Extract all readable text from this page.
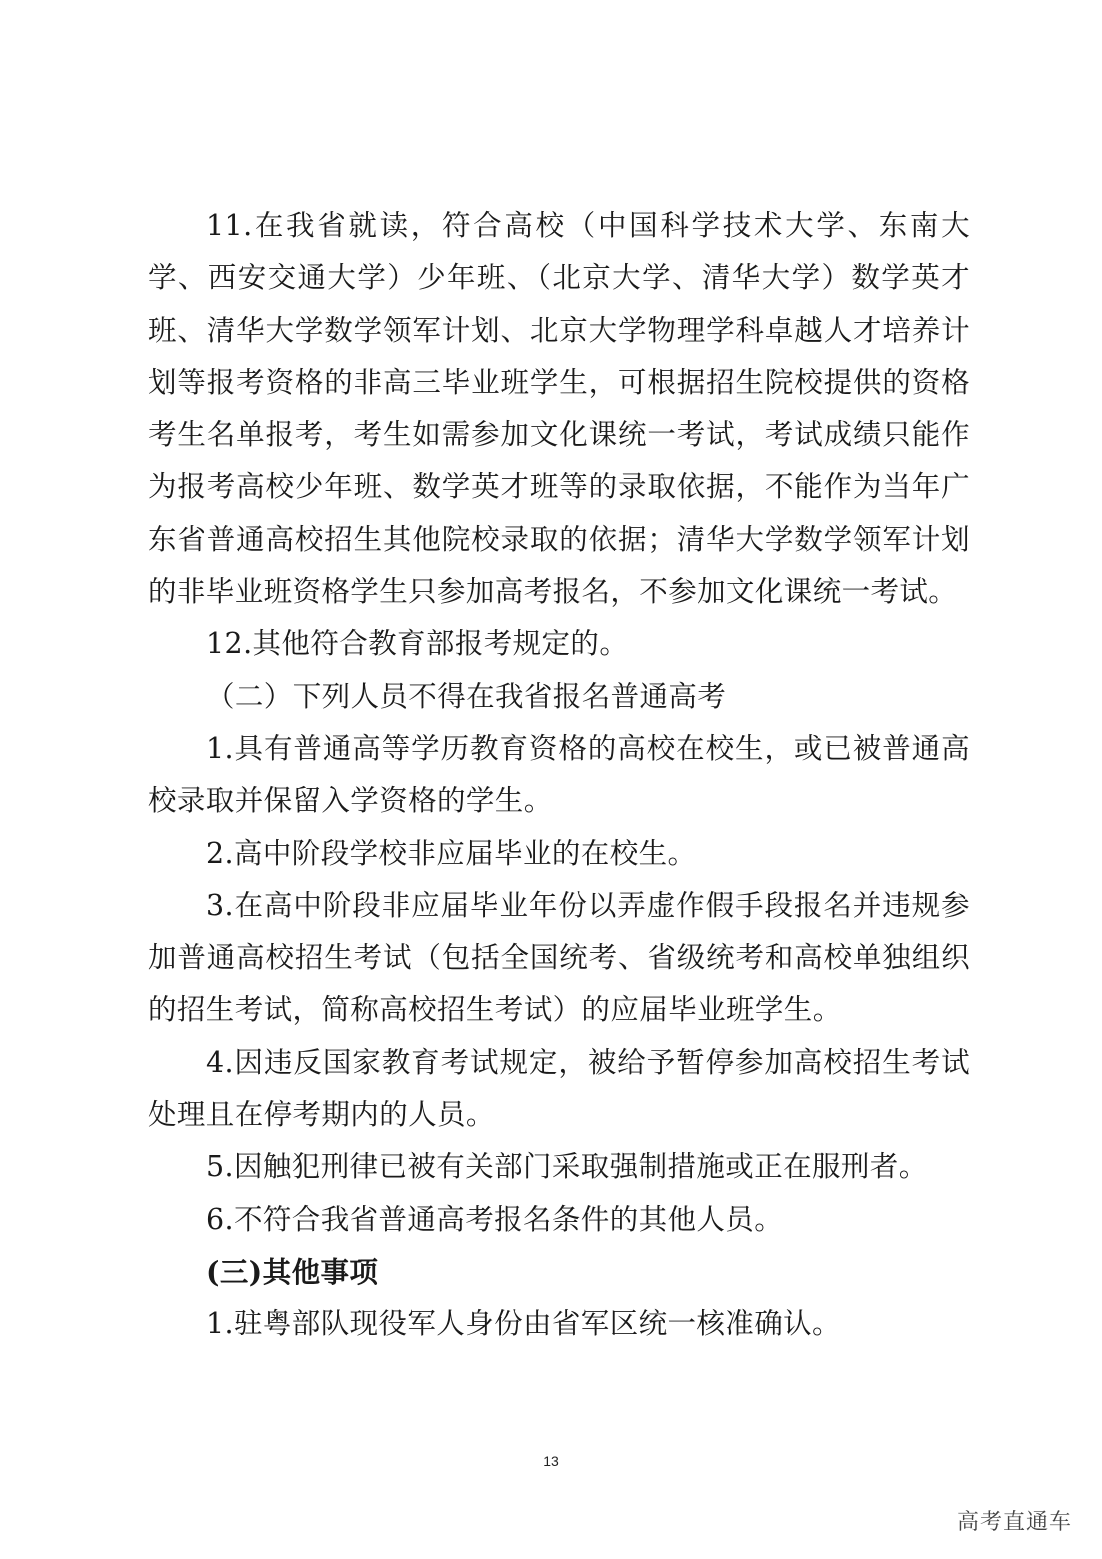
11.在我省就读，符合高校（中国科学技术大学、东南大学、西安交通大学）少年班、（北京大学、清华大学）数学英才班、清华大学数学领军计划、北京大学物理学科卓越人才培养计划等报考资格的非高三毕业班学生，可根据招生院校提供的资格考生名单报考，考生如需参加文化课统一考试，考试成绩只能作为报考高校少年班、数学英才班等的录取依据，不能作为当年广东省普通高校招生其他院校录取的依据；清华大学数学领军计划的非毕业班资格学生只参加高考报名，不参加文化课统一考试。

12.其他符合教育部报考规定的。

（二）下列人员不得在我省报名普通高考

1.具有普通高等学历教育资格的高校在校生，或已被普通高校录取并保留入学资格的学生。

2.高中阶段学校非应届毕业的在校生。

3.在高中阶段非应届毕业年份以弄虚作假手段报名并违规参加普通高校招生考试（包括全国统考、省级统考和高校单独组织的招生考试，简称高校招生考试）的应届毕业班学生。

4.因违反国家教育考试规定，被给予暂停参加高校招生考试处理且在停考期内的人员。

5.因触犯刑律已被有关部门采取强制措施或正在服刑者。

6.不符合我省普通高考报名条件的其他人员。

(三)其他事项

1.驻粤部队现役军人身份由省军区统一核准确认。

13
高考直通车
